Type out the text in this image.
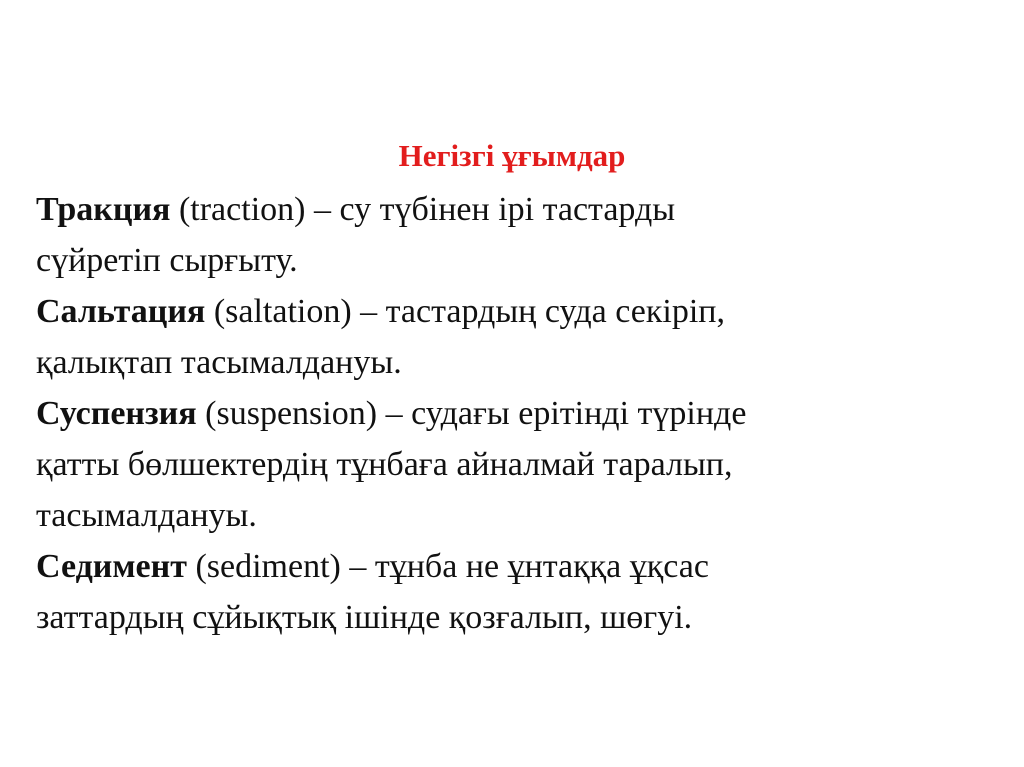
Негізгі ұғымдар

Тракция (traction) – су түбінен ірі тастарды

сүйретіп сырғыту.

Сальтация (saltation) – тастардың суда секіріп,

қалықтап тасымалдануы.

Суспензия (suspension) – судағы ерітінді түрінде

қатты бөлшектердің тұнбаға айналмай таралып,

тасымалдануы.

Седимент (sediment) – тұнба не ұнтаққа ұқсас

заттардың сұйықтық ішінде қозғалып, шөгуі.
